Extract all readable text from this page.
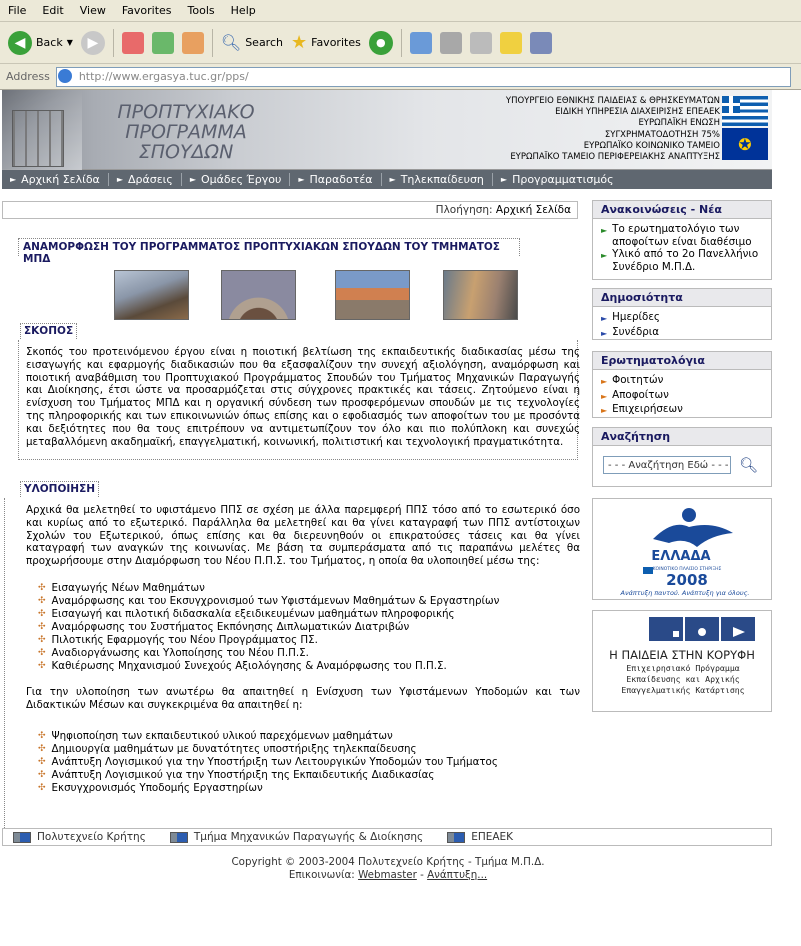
File Edit View Favorites Tools Help
◀ Back ▼	▶	🔍︎ Search ★ Favorites	●
Address
http://www.ergasya.tuc.gr/pps/
ΠΡΟΠΤΥΧΙΑΚΟ
ΠΡΟΓΡΑΜΜΑ
ΣΠΟΥΔΩΝ
ΥΠΟΥΡΓΕΙΟ ΕΘΝΙΚΗΣ ΠΑΙΔΕΙΑΣ & ΘΡΗΣΚΕΥΜΑΤΩΝ
ΕΙΔΙΚΗ ΥΠΗΡΕΣΙΑ ΔΙΑΧΕΙΡΙΣΗΣ ΕΠΕΑΕΚ
ΕΥΡΩΠΑΪΚΗ ΕΝΩΣΗ
ΣΥΓΧΡΗΜΑΤΟΔΟΤΗΣΗ 75%
ΕΥΡΩΠΑΪΚΟ ΚΟΙΝΩΝΙΚΟ ΤΑΜΕΙΟ
ΕΥΡΩΠΑΪΚΟ ΤΑΜΕΙΟ ΠΕΡΙΦΕΡΕΙΑΚΗΣ ΑΝΑΠΤΥΞΗΣ
✪
► Αρχική Σελίδα ► Δράσεις ► Ομάδες Έργου ► Παραδοτέα ► Τηλεκπαίδευση ► Προγραμματισμός
Πλοήγηση:
Αρχική Σελίδα
ΑΝΑΜΟΡΦΩΣΗ ΤΟΥ ΠΡΟΓΡΑΜΜΑΤΟΣ ΠΡΟΠΤΥΧΙΑΚΩΝ ΣΠΟΥΔΩΝ ΤΟΥ ΤΜΗΜΑΤΟΣ ΜΠΔ
ΣΚΟΠΟΣ
Σκοπός του προτεινόμενου έργου είναι η ποιοτική βελτίωση της εκπαιδευτικής διαδικασίας μέσω της εισαγωγής και εφαρμογής διαδικασιών που θα εξασφαλίζουν την συνεχή αξιολόγηση, αναμόρφωση και ποιοτική αναβάθμιση του Προπτυχιακού Προγράμματος Σπουδών του Τμήματος Μηχανικών Παραγωγής και Διοίκησης, έτσι ώστε να προσαρμόζεται στις σύγχρονες πρακτικές και τάσεις. Ζητούμενο είναι η ενίσχυση του Τμήματος ΜΠΔ και η οργανική σύνδεση των προσφερόμενων σπουδών με τις τεχνολογίες της πληροφορικής και των επικοινωνιών όπως επίσης και ο εφοδιασμός των αποφοίτων του με προσόντα και δεξιότητες που θα τους επιτρέπουν να αντιμετωπίζουν τον όλο και πιο πολύπλοκη και συνεχώς μεταβαλλόμενη ακαδημαϊκή, επαγγελματική, κοινωνική, πολιτιστική και τεχνολογική πραγματικότητα.
ΥΛΟΠΟΙΗΣΗ
Αρχικά θα μελετηθεί το υφιστάμενο ΠΠΣ σε σχέση με άλλα παρεμφερή ΠΠΣ τόσο από το εσωτερικό όσο και κυρίως από το εξωτερικό. Παράλληλα θα μελετηθεί και θα γίνει καταγραφή των ΠΠΣ αντίστοιχων Σχολών του Εξωτερικού, όπως επίσης και θα διερευνηθούν οι επικρατούσες τάσεις και θα γίνει καταγραφή των αναγκών της κοινωνίας. Με βάση τα συμπεράσματα από τις παραπάνω μελέτες θα προχωρήσουμε στην Διαμόρφωση του Νέου Π.Π.Σ. του Τμήματος, η οποία θα υλοποιηθεί μέσω της:
✣ Εισαγωγής Νέων Μαθημάτων
✣ Αναμόρφωσης και του Εκσυγχρονισμού των Υφιστάμενων Μαθημάτων & Εργαστηρίων
✣ Εισαγωγή και πιλοτική διδασκαλία εξειδικευμένων μαθημάτων πληροφορικής
✣ Αναμόρφωσης του Συστήματος Εκπόνησης Διπλωματικών Διατριβών
✣ Πιλοτικής Εφαρμογής του Νέου Προγράμματος ΠΣ.
✣ Αναδιοργάνωσης και Υλοποίησης του Νέου Π.Π.Σ.
✣ Καθιέρωσης Μηχανισμού Συνεχούς Αξιολόγησης & Αναμόρφωσης του Π.Π.Σ.
Για την υλοποίηση των ανωτέρω θα απαιτηθεί η Ενίσχυση των Υφιστάμενων Υποδομών και των Διδακτικών Μέσων και συγκεκριμένα θα απαιτηθεί η:
✣ Ψηφιοποίηση των εκπαιδευτικού υλικού παρεχόμενων μαθημάτων
✣ Δημιουργία μαθημάτων με δυνατότητες υποστήριξης τηλεκπαίδευσης
✣ Ανάπτυξη Λογισμικού για την Υποστήριξη των Λειτουργικών Υποδομών του Τμήματος
✣ Ανάπτυξη Λογισμικού για την Υποστήριξη της Εκπαιδευτικής Διαδικασίας
✣ Εκσυγχρονισμός Υποδομής Εργαστηρίων
Ανακοινώσεις - Νέα
► Το ερωτηματολόγιο των αποφοίτων είναι διαθέσιμο
► Υλικό από το 2ο Πανελλήνιο Συνέδριο Μ.Π.Δ.
Δημοσιότητα
► Ημερίδες
► Συνέδρια
Ερωτηματολόγια
► Φοιτητών
► Αποφοίτων
► Επιχειρήσεων
Αναζήτηση
- - - Αναζήτηση Εδώ - - -
🔍︎
ΕΛΛΑΔΑ
ΚΟΙΝΟΤΙΚΟ ΠΛΑΙΣΙΟ ΣΤΗΡΙΞΗΣ
2008
Ανάπτυξη παντού. Ανάπτυξη για όλους.
Η ΠΑΙΔΕΙΑ ΣΤΗΝ ΚΟΡΥΦΗ
Επιχειρησιακό Πρόγραμμα Εκπαίδευσης και Αρχικής Επαγγελματικής Κατάρτισης
Πολυτεχνείο Κρήτης	Τμήμα Μηχανικών Παραγωγής & Διοίκησης	ΕΠΕΑΕΚ
Copyright © 2003-2004 Πολυτεχνείο Κρήτης - Τμήμα Μ.Π.Δ.
Επικοινωνία: Webmaster - Ανάπτυξη...
